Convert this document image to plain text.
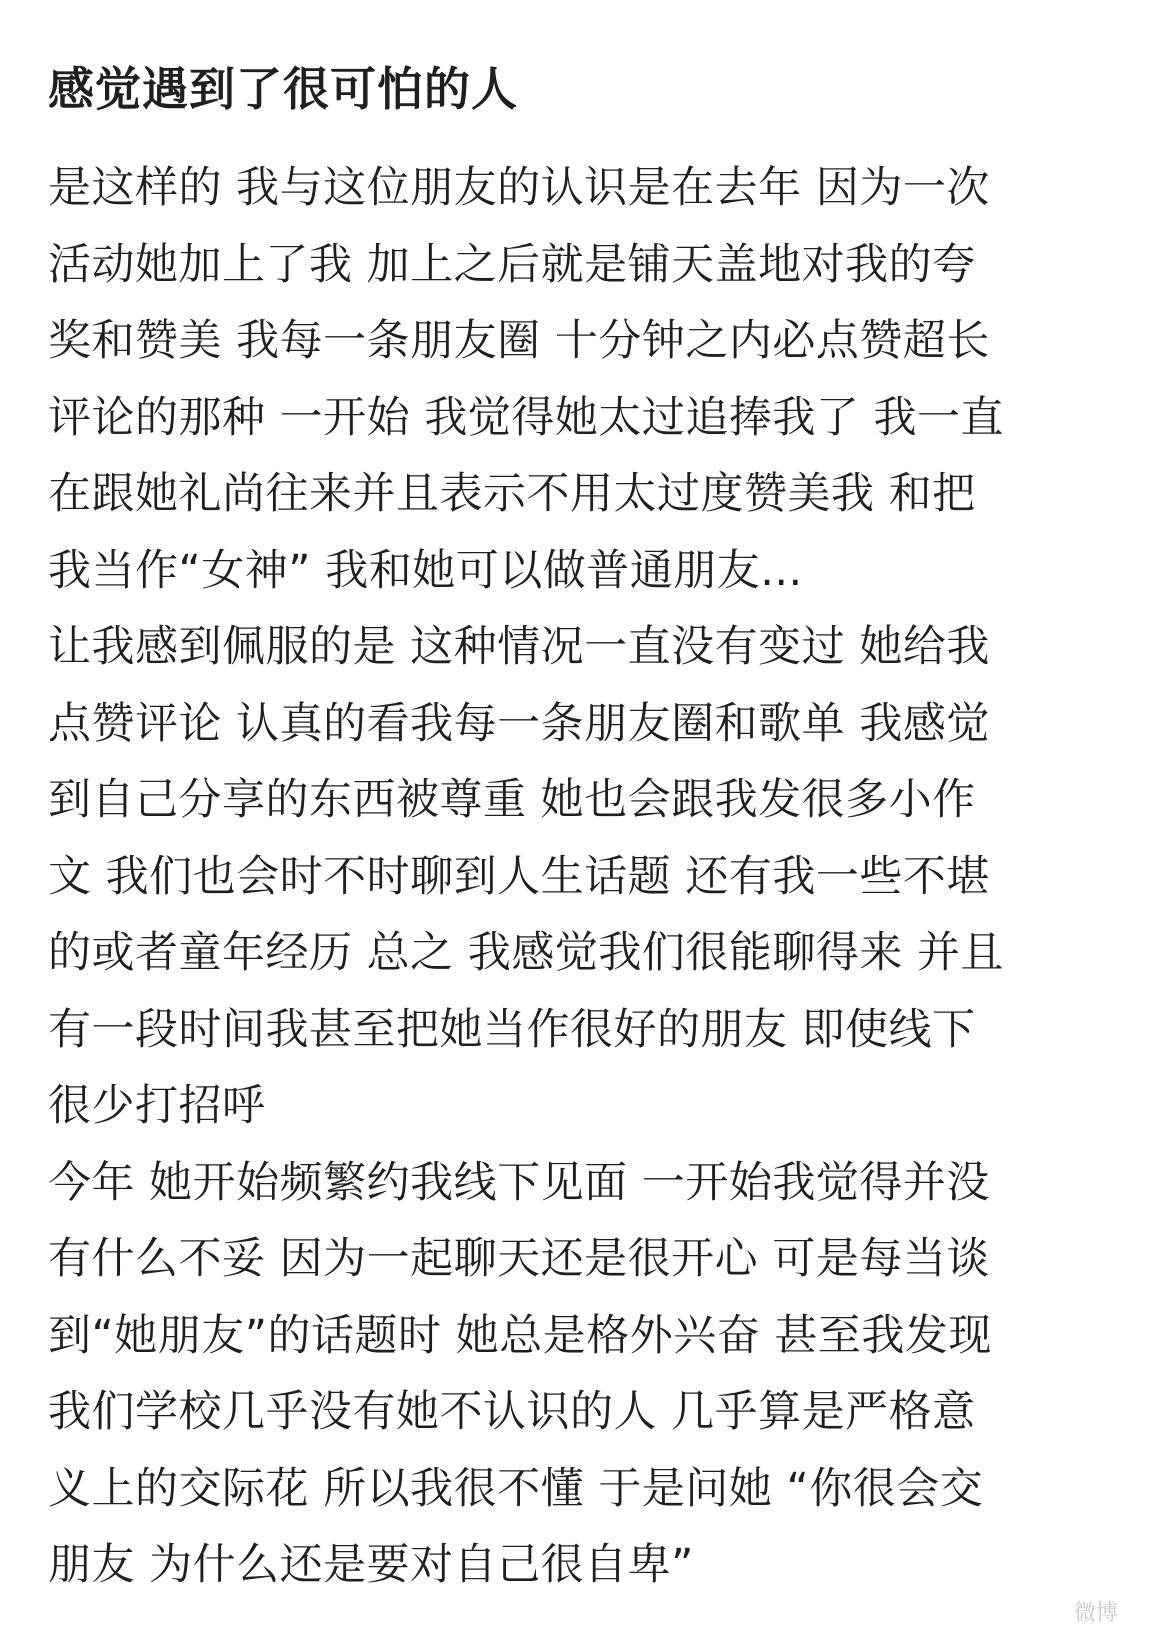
感觉遇到了很可怕的人
是这样的 我与这位朋友的认识是在去年 因为一次
活动她加上了我 加上之后就是铺天盖地对我的夸
奖和赞美 我每一条朋友圈 十分钟之内必点赞超长
评论的那种 一开始 我觉得她太过追捧我了 我一直
在跟她礼尚往来并且表示不用太过度赞美我 和把
我当作“女神” 我和她可以做普通朋友...
让我感到佩服的是 这种情况一直没有变过 她给我
点赞评论 认真的看我每一条朋友圈和歌单 我感觉
到自己分享的东西被尊重 她也会跟我发很多小作
文 我们也会时不时聊到人生话题 还有我一些不堪
的或者童年经历 总之 我感觉我们很能聊得来 并且
有一段时间我甚至把她当作很好的朋友 即使线下
很少打招呼
今年 她开始频繁约我线下见面 一开始我觉得并没
有什么不妥 因为一起聊天还是很开心 可是每当谈
到“她朋友”的话题时 她总是格外兴奋 甚至我发现
我们学校几乎没有她不认识的人 几乎算是严格意
义上的交际花 所以我很不懂 于是问她 “你很会交
朋友 为什么还是要对自己很自卑”
微博
